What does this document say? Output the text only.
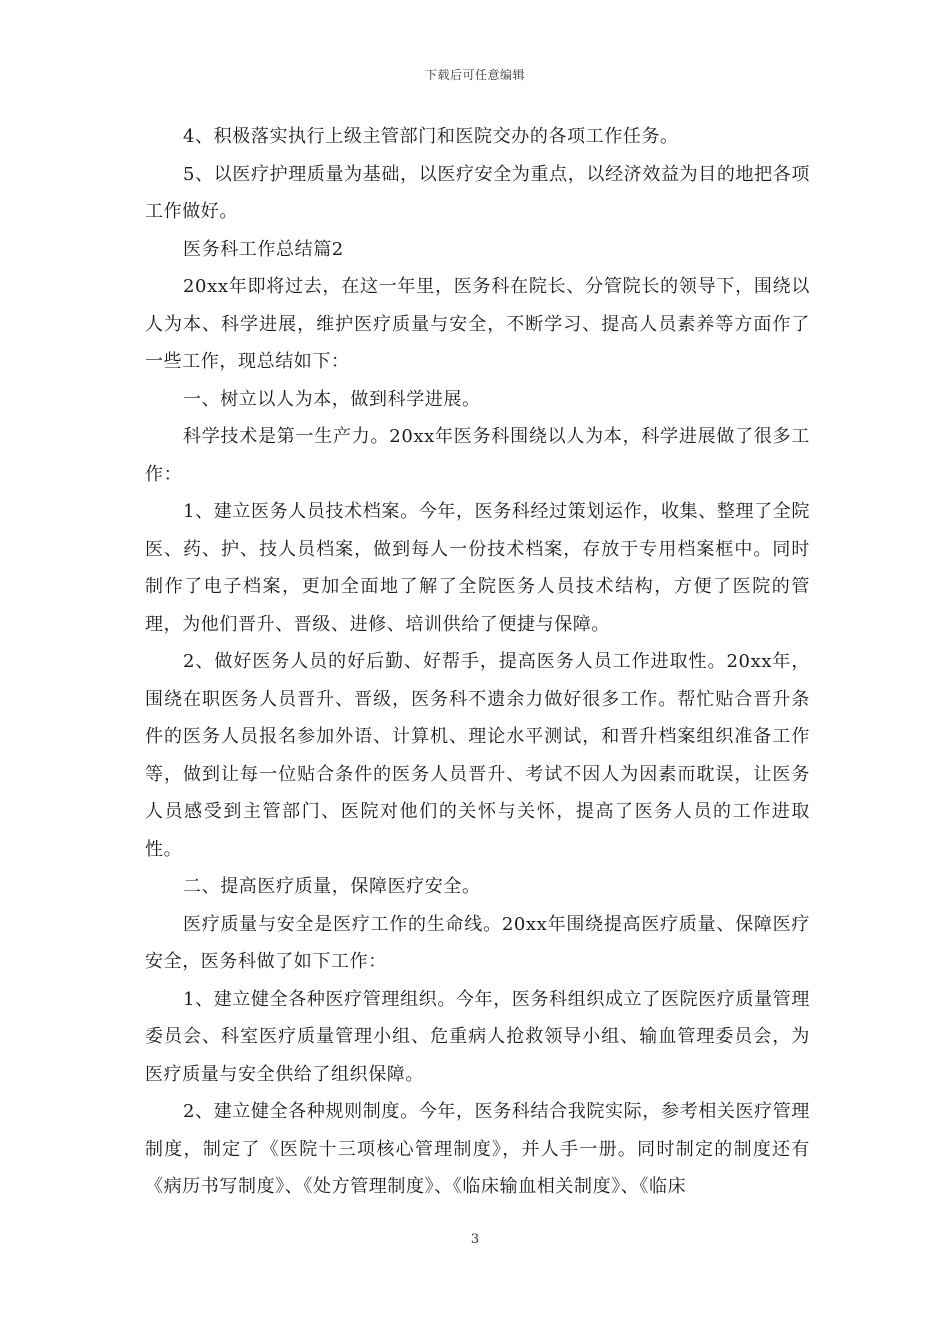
下载后可任意编辑

4、积极落实执行上级主管部门和医院交办的各项工作任务。

5、以医疗护理质量为基础，以医疗安全为重点，以经济效益为目的地把各项工作做好。

医务科工作总结篇2

20xx年即将过去，在这一年里，医务科在院长、分管院长的领导下，围绕以人为本、科学进展，维护医疗质量与安全，不断学习、提高人员素养等方面作了一些工作，现总结如下：

一、树立以人为本，做到科学进展。

科学技术是第一生产力。20xx年医务科围绕以人为本，科学进展做了很多工作：

1、建立医务人员技术档案。今年，医务科经过策划运作，收集、整理了全院医、药、护、技人员档案，做到每人一份技术档案，存放于专用档案框中。同时制作了电子档案，更加全面地了解了全院医务人员技术结构，方便了医院的管理，为他们晋升、晋级、进修、培训供给了便捷与保障。

2、做好医务人员的好后勤、好帮手，提高医务人员工作进取性。20xx年，围绕在职医务人员晋升、晋级，医务科不遗余力做好很多工作。帮忙贴合晋升条件的医务人员报名参加外语、计算机、理论水平测试，和晋升档案组织准备工作等，做到让每一位贴合条件的医务人员晋升、考试不因人为因素而耽误，让医务人员感受到主管部门、医院对他们的关怀与关怀，提高了医务人员的工作进取性。

二、提高医疗质量，保障医疗安全。

医疗质量与安全是医疗工作的生命线。20xx年围绕提高医疗质量、保障医疗安全，医务科做了如下工作：

1、建立健全各种医疗管理组织。今年，医务科组织成立了医院医疗质量管理委员会、科室医疗质量管理小组、危重病人抢救领导小组、输血管理委员会，为医疗质量与安全供给了组织保障。

2、建立健全各种规则制度。今年，医务科结合我院实际，参考相关医疗管理制度，制定了《医院十三项核心管理制度》，并人手一册。同时制定的制度还有《病历书写制度》、《处方管理制度》、《临床输血相关制度》、《临床

3
